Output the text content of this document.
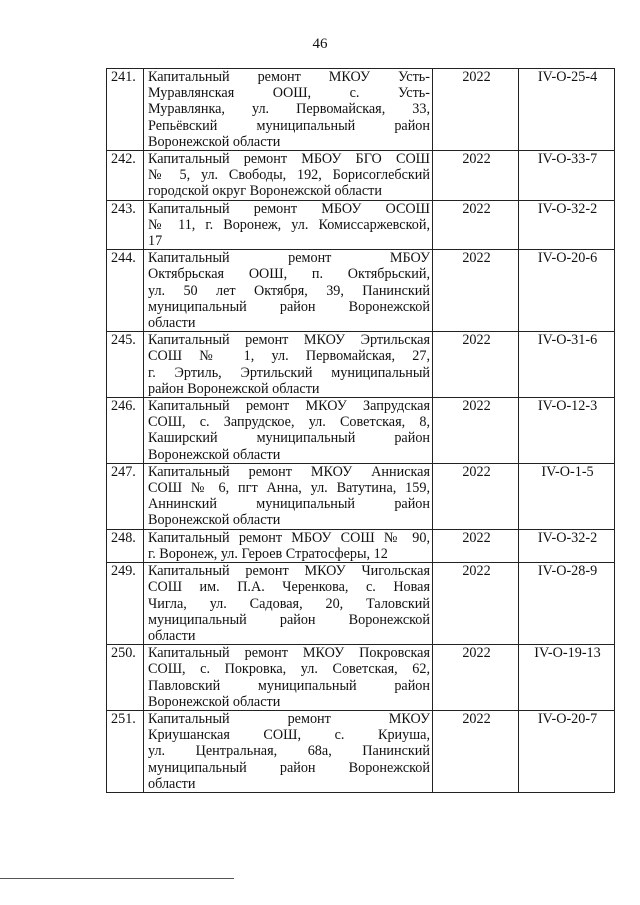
46
241.	Капитальный ремонт МКОУ Усть-
Муравлянская ООШ, с. Усть-
Муравлянка, ул. Первомайская, 33,
Репьёвский муниципальный район
Воронежской области	2022	IV-O-25-4
242.	Капитальный ремонт МБОУ БГО СОШ
№ 5, ул. Свободы, 192, Борисоглебский
городской округ Воронежской области	2022	IV-O-33-7
243.	Капитальный ремонт МБОУ ОСОШ
№ 11, г. Воронеж, ул. Комиссаржевской,
17	2022	IV-O-32-2
244.	Капитальный ремонт МБОУ
Октябрьская ООШ, п. Октябрьский,
ул. 50 лет Октября, 39, Панинский
муниципальный район Воронежской
области	2022	IV-O-20-6
245.	Капитальный ремонт МКОУ Эртильская
СОШ № 1, ул. Первомайская, 27,
г. Эртиль, Эртильский муниципальный
район Воронежской области	2022	IV-O-31-6
246.	Капитальный ремонт МКОУ Запрудская
СОШ, с. Запрудское, ул. Советская, 8,
Каширский муниципальный район
Воронежской области	2022	IV-O-12-3
247.	Капитальный ремонт МКОУ Анниская
СОШ № 6, пгт Анна, ул. Ватутина, 159,
Аннинский муниципальный район
Воронежской области	2022	IV-O-1-5
248.	Капитальный ремонт МБОУ СОШ № 90,
г. Воронеж, ул. Героев Стратосферы, 12	2022	IV-O-32-2
249.	Капитальный ремонт МКОУ Чигольская
СОШ им. П.А. Черенкова, с. Новая
Чигла, ул. Садовая, 20, Таловский
муниципальный район Воронежской
области	2022	IV-O-28-9
250.	Капитальный ремонт МКОУ Покровская
СОШ, с. Покровка, ул. Советская, 62,
Павловский муниципальный район
Воронежской области	2022	IV-O-19-13
251.	Капитальный ремонт МКОУ
Криушанская СОШ, с. Криуша,
ул. Центральная, 68а, Панинский
муниципальный район Воронежской
области	2022	IV-O-20-7
